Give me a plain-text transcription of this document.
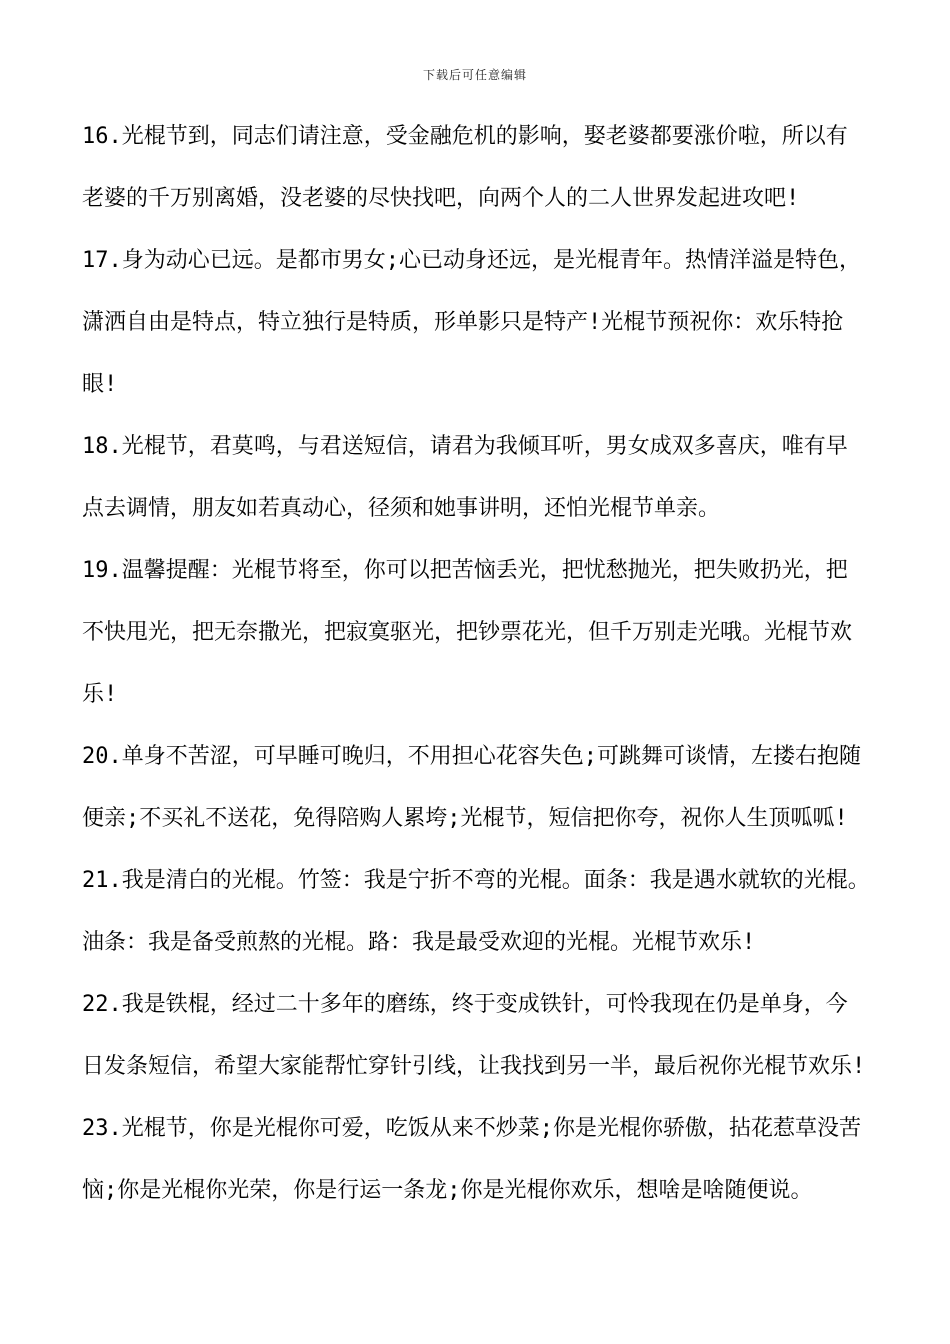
下载后可任意编辑

16.光棍节到，同志们请注意，受金融危机的影响，娶老婆都要涨价啦，所以有
老婆的千万别离婚，没老婆的尽快找吧，向两个人的二人世界发起进攻吧!

17.身为动心已远。是都市男女;心已动身还远，是光棍青年。热情洋溢是特色，
潇洒自由是特点，特立独行是特质，形单影只是特产!光棍节预祝你：欢乐特抢
眼!

18.光棍节，君莫鸣，与君送短信，请君为我倾耳听，男女成双多喜庆，唯有早
点去调情，朋友如若真动心，径须和她事讲明，还怕光棍节单亲。

19.温馨提醒：光棍节将至，你可以把苦恼丢光，把忧愁抛光，把失败扔光，把
不快甩光，把无奈撒光，把寂寞驱光，把钞票花光，但千万别走光哦。光棍节欢
乐!

20.单身不苦涩，可早睡可晚归，不用担心花容失色;可跳舞可谈情，左搂右抱随
便亲;不买礼不送花，免得陪购人累垮;光棍节，短信把你夸，祝你人生顶呱呱!

21.我是清白的光棍。竹签：我是宁折不弯的光棍。面条：我是遇水就软的光棍。
油条：我是备受煎熬的光棍。路：我是最受欢迎的光棍。光棍节欢乐!

22.我是铁棍，经过二十多年的磨练，终于变成铁针，可怜我现在仍是单身，今
日发条短信，希望大家能帮忙穿针引线，让我找到另一半，最后祝你光棍节欢乐!

23.光棍节，你是光棍你可爱，吃饭从来不炒菜;你是光棍你骄傲，拈花惹草没苦
恼;你是光棍你光荣，你是行运一条龙;你是光棍你欢乐，想啥是啥随便说。
